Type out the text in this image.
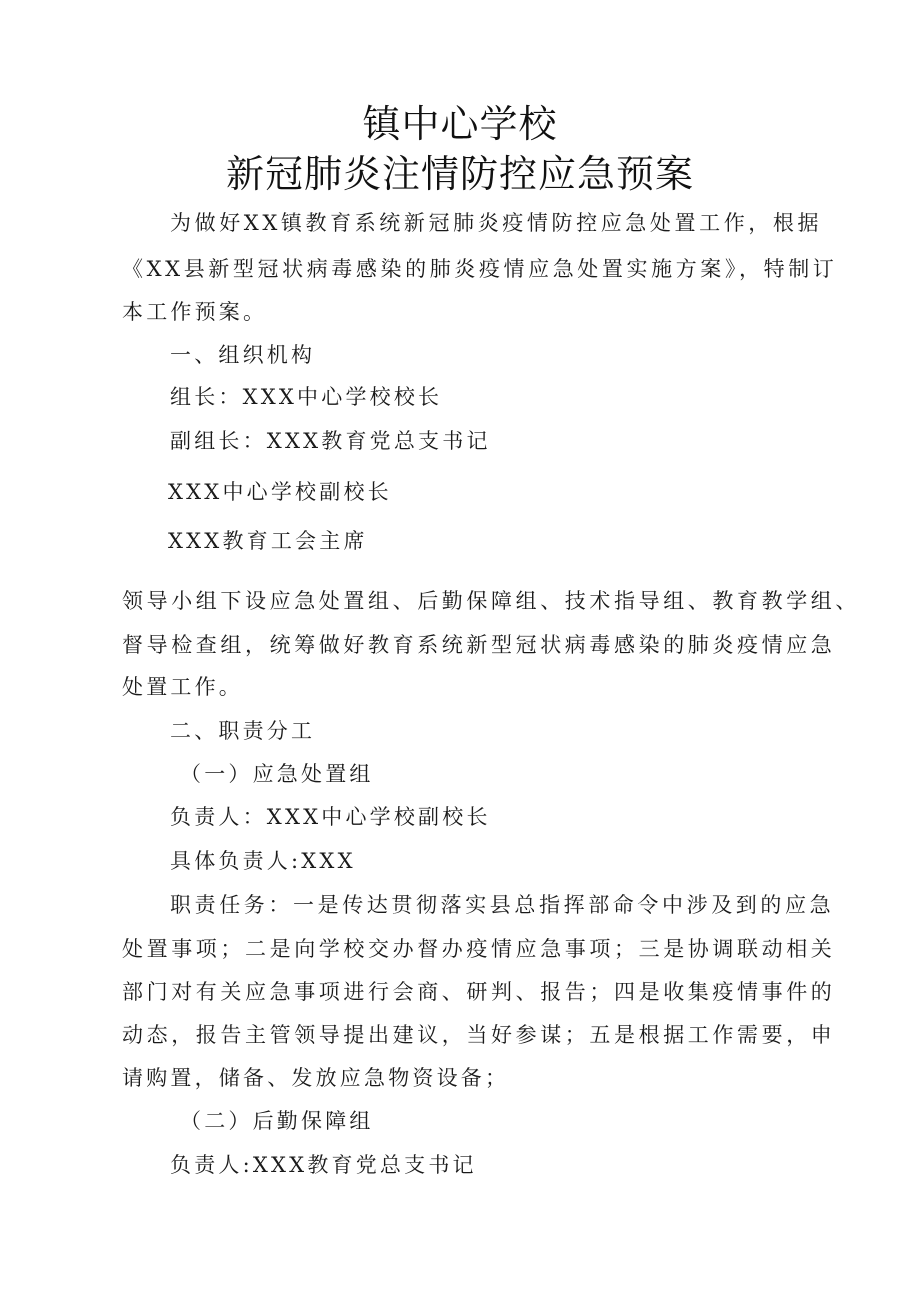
镇中心学校
新冠肺炎注情防控应急预案
为做好XX镇教育系统新冠肺炎疫情防控应急处置工作，根据
《XX县新型冠状病毒感染的肺炎疫情应急处置实施方案》，特制订
本工作预案。
一、组织机构
组长：XXX中心学校校长
副组长：XXX教育党总支书记
XXX中心学校副校长
XXX教育工会主席
领导小组下设应急处置组、后勤保障组、技术指导组、教育教学组、
督导检查组，统筹做好教育系统新型冠状病毒感染的肺炎疫情应急
处置工作。
二、职责分工
（一）应急处置组
负责人：XXX中心学校副校长
具体负责人:XXX
职责任务：一是传达贯彻落实县总指挥部命令中涉及到的应急
处置事项；二是向学校交办督办疫情应急事项；三是协调联动相关
部门对有关应急事项进行会商、研判、报告；四是收集疫情事件的
动态，报告主管领导提出建议，当好参谋；五是根据工作需要，申
请购置，储备、发放应急物资设备；
（二）后勤保障组
负责人:XXX教育党总支书记
